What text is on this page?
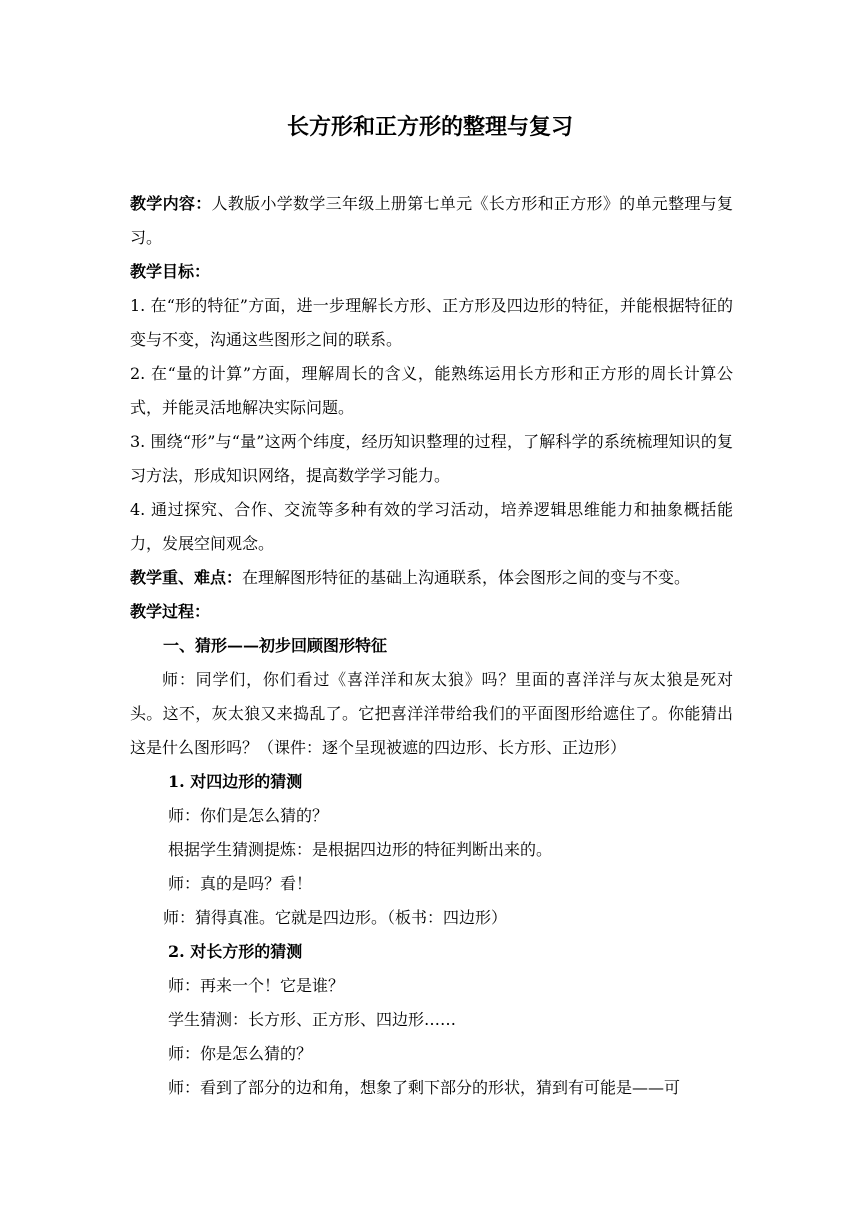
长方形和正方形的整理与复习

教学内容：人教版小学数学三年级上册第七单元《长方形和正方形》的单元整理与复习。

教学目标：

1. 在“形的特征”方面，进一步理解长方形、正方形及四边形的特征，并能根据特征的变与不变，沟通这些图形之间的联系。

2. 在“量的计算”方面，理解周长的含义，能熟练运用长方形和正方形的周长计算公式，并能灵活地解决实际问题。

3. 围绕“形”与“量”这两个纬度，经历知识整理的过程，了解科学的系统梳理知识的复习方法，形成知识网络，提高数学学习能力。

4. 通过探究、合作、交流等多种有效的学习活动，培养逻辑思维能力和抽象概括能力，发展空间观念。

教学重、难点：在理解图形特征的基础上沟通联系，体会图形之间的变与不变。

教学过程：

一、猜形——初步回顾图形特征

师：同学们，你们看过《喜洋洋和灰太狼》吗？里面的喜洋洋与灰太狼是死对头。这不，灰太狼又来捣乱了。它把喜洋洋带给我们的平面图形给遮住了。你能猜出这是什么图形吗？（课件：逐个呈现被遮的四边形、长方形、正边形）

1. 对四边形的猜测

师：你们是怎么猜的？

根据学生猜测提炼：是根据四边形的特征判断出来的。

师：真的是吗？看！

师：猜得真准。它就是四边形。（板书：四边形）

2. 对长方形的猜测

师：再来一个！它是谁？

学生猜测：长方形、正方形、四边形……

师：你是怎么猜的？

师：看到了部分的边和角，想象了剩下部分的形状，猜到有可能是——可
